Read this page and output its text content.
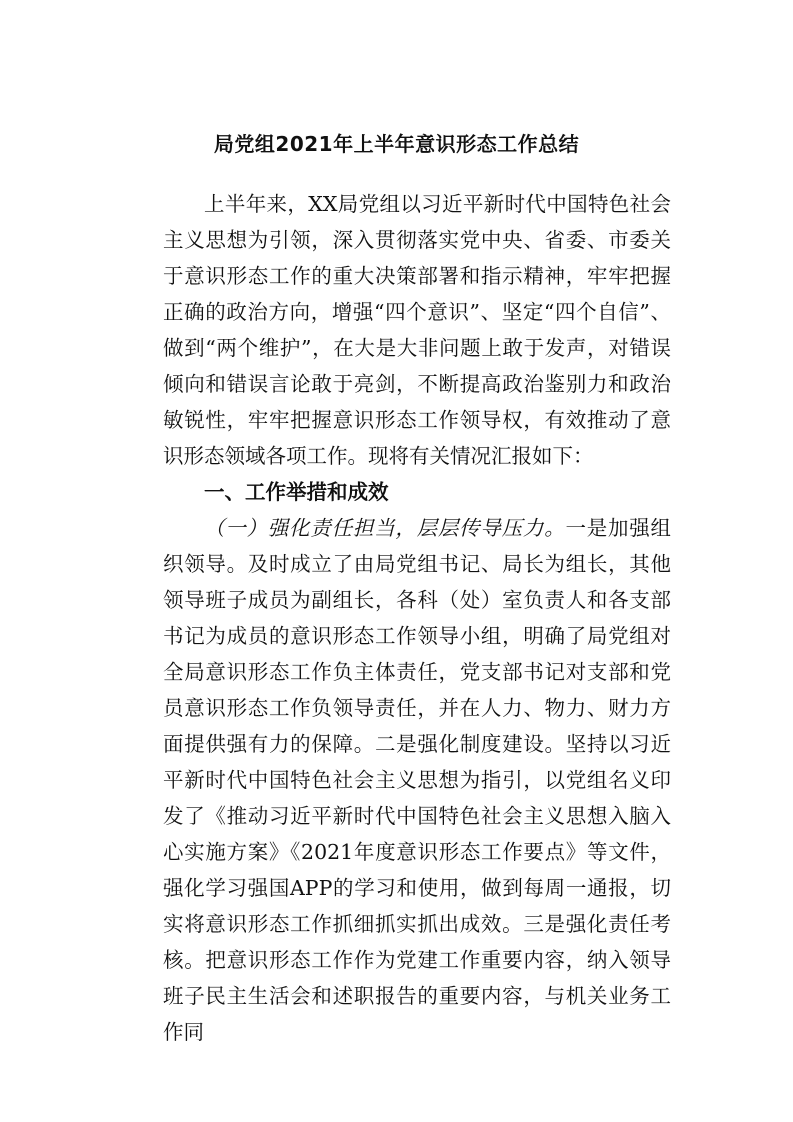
局党组2021年上半年意识形态工作总结

上半年来，XX局党组以习近平新时代中国特色社会主义思想为引领，深入贯彻落实党中央、省委、市委关于意识形态工作的重大决策部署和指示精神，牢牢把握正确的政治方向，增强“四个意识”、坚定“四个自信”、做到“两个维护”，在大是大非问题上敢于发声，对错误倾向和错误言论敢于亮剑，不断提高政治鉴别力和政治敏锐性，牢牢把握意识形态工作领导权，有效推动了意识形态领域各项工作。现将有关情况汇报如下：

一、工作举措和成效

（一）强化责任担当，层层传导压力。一是加强组织领导。及时成立了由局党组书记、局长为组长，其他领导班子成员为副组长，各科（处）室负责人和各支部书记为成员的意识形态工作领导小组，明确了局党组对全局意识形态工作负主体责任，党支部书记对支部和党员意识形态工作负领导责任，并在人力、物力、财力方面提供强有力的保障。二是强化制度建设。坚持以习近平新时代中国特色社会主义思想为指引，以党组名义印发了《推动习近平新时代中国特色社会主义思想入脑入心实施方案》《2021年度意识形态工作要点》等文件，强化学习强国APP的学习和使用，做到每周一通报，切实将意识形态工作抓细抓实抓出成效。三是强化责任考核。把意识形态工作作为党建工作重要内容，纳入领导班子民主生活会和述职报告的重要内容，与机关业务工作同
